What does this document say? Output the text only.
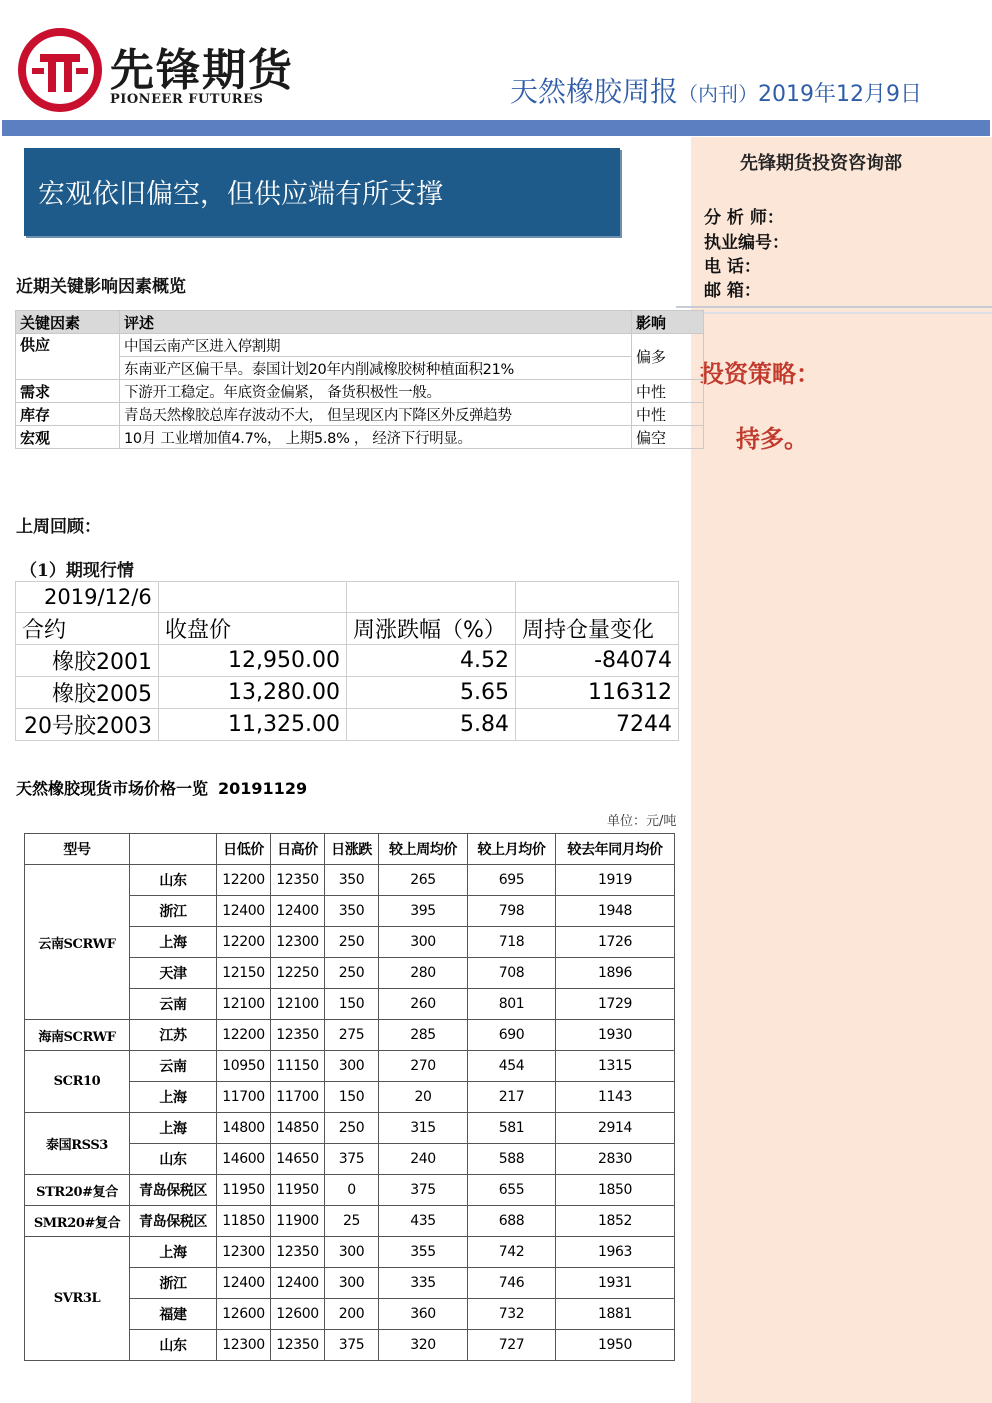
先锋期货
PIONEER FUTURES	天然橡胶周报（内刊）2019年12月9日
先锋期货投资咨询部
分 析 师：
执业编号：
电 话：
邮 箱：
投资策略：
持多。
宏观依旧偏空，但供应端有所支撑
近期关键影响因素概览
关键因素	评述	影响
供应	中国云南产区进入停割期	偏多
	东南亚产区偏干旱。泰国计划20年内削减橡胶树种植面积21%	
需求	下游开工稳定。年底资金偏紧， 备货积极性一般。	中性
库存	青岛天然橡胶总库存波动不大， 但呈现区内下降区外反弹趋势	中性
宏观	10月 工业增加值4.7%， 上期5.8% ， 经济下行明显。	偏空
上周回顾：
（1）期现行情
2019/12/6			
合约	收盘价	周涨跌幅（%）	周持仓量变化
橡胶2001	12,950.00	4.52	-84074
橡胶2005	13,280.00	5.65	116312
20号胶2003	11,325.00	5.84	7244
天然橡胶现货市场价格一览 20191129
单位：元/吨
型号		日低价	日高价	日涨跌	较上周均价	较上月均价	较去年同月均价
云南SCRWF	山东	12200	12350	350	265	695	1919
	浙江	12400	12400	350	395	798	1948
	上海	12200	12300	250	300	718	1726
	天津	12150	12250	250	280	708	1896
	云南	12100	12100	150	260	801	1729
海南SCRWF	江苏	12200	12350	275	285	690	1930
SCR10	云南	10950	11150	300	270	454	1315
	上海	11700	11700	150	20	217	1143
泰国RSS3	上海	14800	14850	250	315	581	2914
	山东	14600	14650	375	240	588	2830
STR20#复合	青岛保税区	11950	11950	0	375	655	1850
SMR20#复合	青岛保税区	11850	11900	25	435	688	1852
SVR3L	上海	12300	12350	300	355	742	1963
	浙江	12400	12400	300	335	746	1931
	福建	12600	12600	200	360	732	1881
	山东	12300	12350	375	320	727	1950
